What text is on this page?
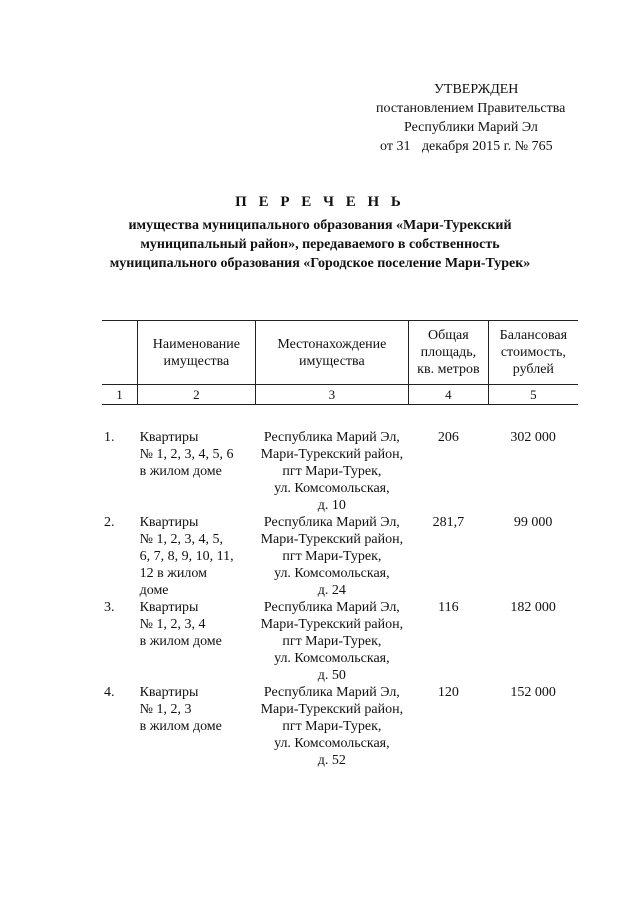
УТВЕРЖДЕН
постановлением Правительства
Республики Марий Эл
от 31 декабря 2015 г. № 765
П Е Р Е Ч Е Н Ь
имущества муниципального образования «Мари-Турекский муниципальный район», передаваемого в собственность муниципального образования «Городское поселение Мари-Турек»
	Наименование имущества	Местонахождение имущества	Общая площадь, кв. метров	Балансовая стоимость, рублей
1	2	3	4	5

1.	Квартиры
№ 1, 2, 3, 4, 5, 6
в жилом доме	Республика Марий Эл,
Мари-Турекский район,
пгт Мари-Турек,
ул. Комсомольская,
д. 10	206	302 000
2.	Квартиры
№ 1, 2, 3, 4, 5,
6, 7, 8, 9, 10, 11,
12 в жилом
доме	Республика Марий Эл,
Мари-Турекский район,
пгт Мари-Турек,
ул. Комсомольская,
д. 24	281,7	99 000
3.	Квартиры
№ 1, 2, 3, 4
в жилом доме	Республика Марий Эл,
Мари-Турекский район,
пгт Мари-Турек,
ул. Комсомольская,
д. 50	116	182 000
4.	Квартиры
№ 1, 2, 3
в жилом доме	Республика Марий Эл,
Мари-Турекский район,
пгт Мари-Турек,
ул. Комсомольская,
д. 52	120	152 000
